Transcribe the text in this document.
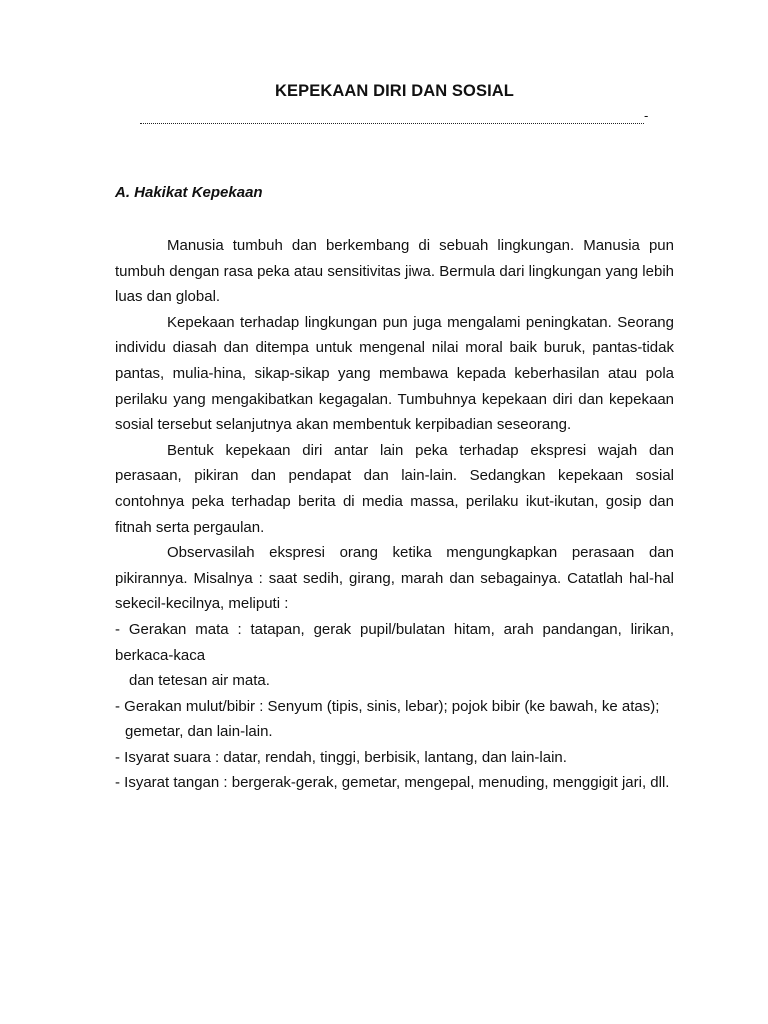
KEPEKAAN DIRI DAN SOSIAL
-
A. Hakikat Kepekaan

Manusia tumbuh dan berkembang di sebuah lingkungan. Manusia pun tumbuh dengan rasa peka atau sensitivitas jiwa. Bermula dari lingkungan yang lebih luas dan global.

Kepekaan terhadap lingkungan pun juga mengalami peningkatan. Seorang individu diasah dan ditempa untuk mengenal nilai moral baik buruk, pantas-tidak pantas, mulia-hina, sikap-sikap yang membawa kepada keberhasilan atau pola perilaku yang mengakibatkan kegagalan. Tumbuhnya kepekaan diri dan kepekaan sosial tersebut selanjutnya akan membentuk kerpibadian seseorang.

Bentuk kepekaan diri antar lain peka terhadap ekspresi wajah dan perasaan, pikiran dan pendapat dan lain-lain. Sedangkan kepekaan sosial contohnya peka terhadap berita di media massa, perilaku ikut-ikutan, gosip dan fitnah serta pergaulan.

Observasilah ekspresi orang ketika mengungkapkan perasaan dan pikirannya. Misalnya : saat sedih, girang, marah dan sebagainya. Catatlah hal-hal sekecil-kecilnya, meliputi :

- Gerakan mata : tatapan, gerak pupil/bulatan hitam, arah pandangan, lirikan, berkaca-kaca

dan tetesan air mata.

- Gerakan mulut/bibir : Senyum (tipis, sinis, lebar); pojok bibir (ke bawah, ke atas);

gemetar, dan lain-lain.

- Isyarat suara : datar, rendah, tinggi, berbisik, lantang, dan lain-lain.

- Isyarat tangan : bergerak-gerak, gemetar, mengepal, menuding, menggigit jari, dll.
